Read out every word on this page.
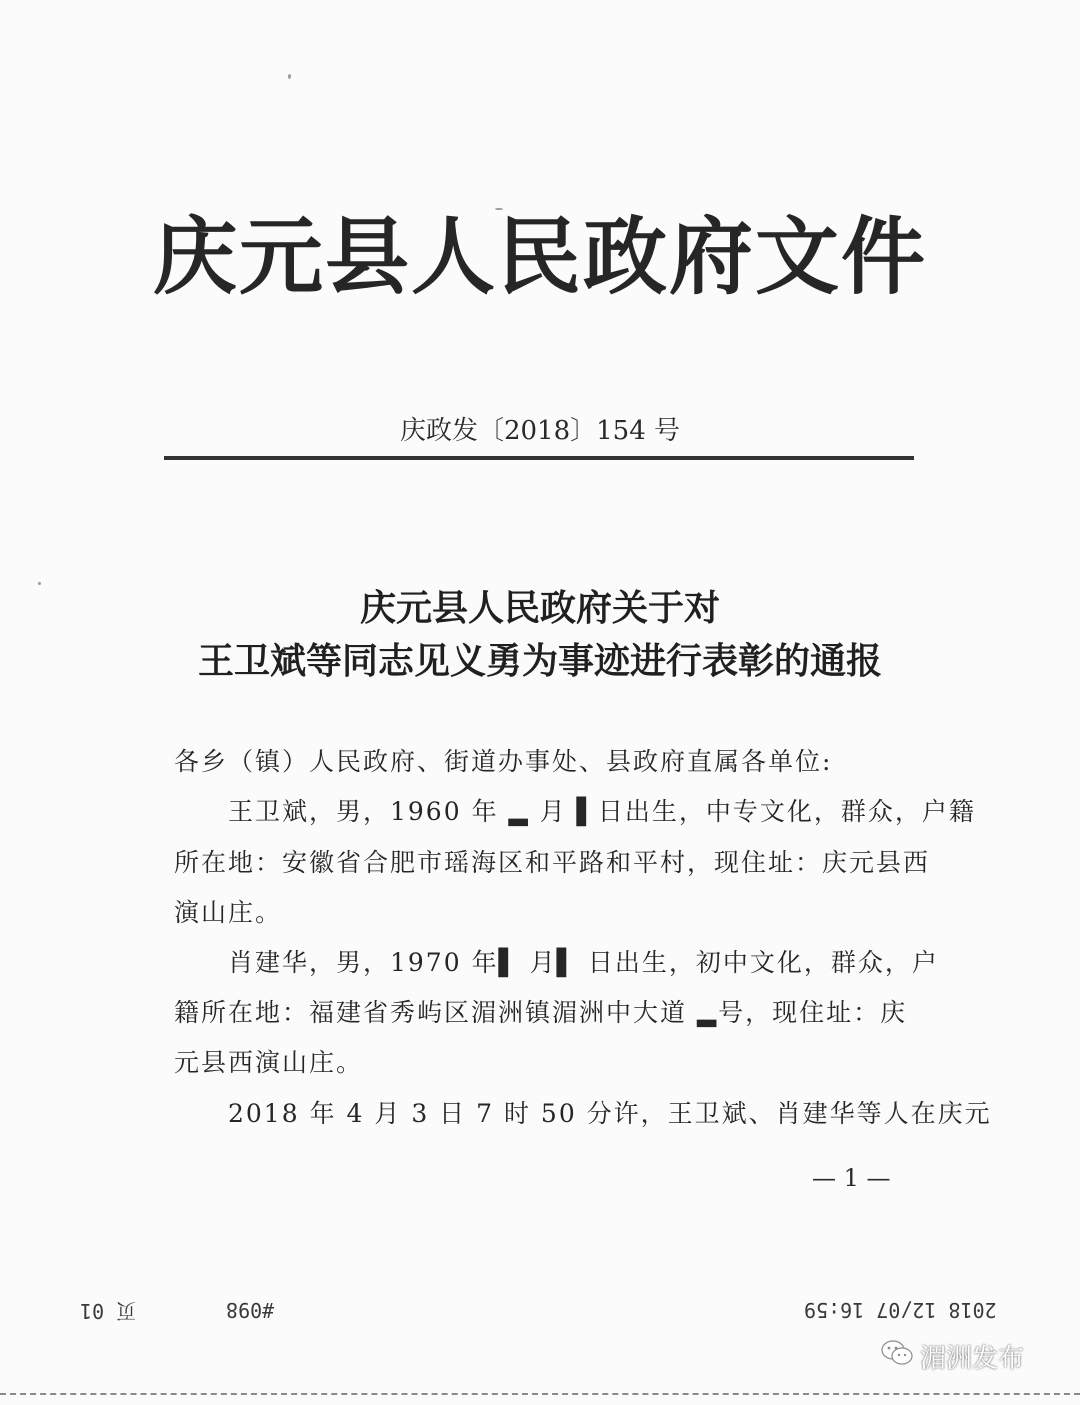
庆元县人民政府文件
庆政发〔2018〕154 号
庆元县人民政府关于对
王卫斌等同志见义勇为事迹进行表彰的通报
各乡（镇）人民政府、街道办事处、县政府直属各单位:
王卫斌，男，1960 年 ▂ 月 ▌日出生，中专文化，群众，户籍
所在地：安徽省合肥市瑶海区和平路和平村，现住址：庆元县西
演山庄。
肖建华，男，1970 年▌ 月▌ 日出生，初中文化，群众，户
籍所在地：福建省秀屿区湄洲镇湄洲中大道 ▂号，现住址：庆
元县西演山庄。
2018 年 4 月 3 日 7 时 50 分许，王卫斌、肖建华等人在庆元
— 1 —
页 01	#098	2018 12/07 16:59
湄洲发布
